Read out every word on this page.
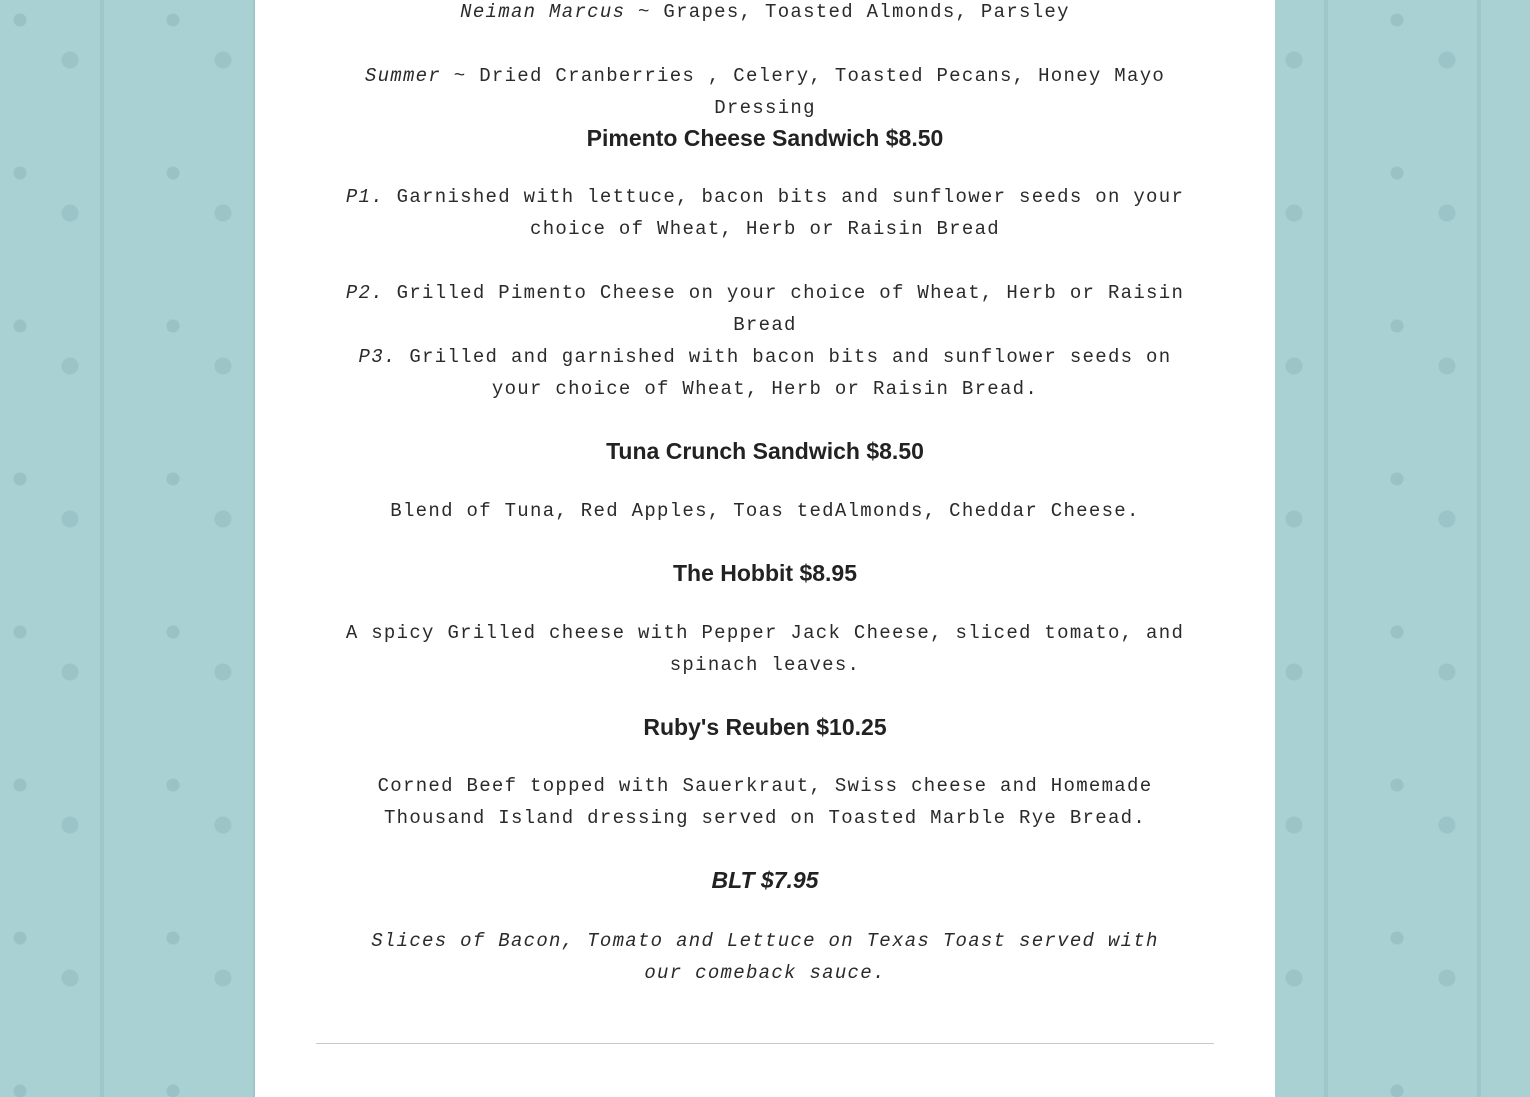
Neiman Marcus ~ Grapes, Toasted Almonds, Parsley

Summer ~ Dried Cranberries , Celery, Toasted Pecans, Honey Mayo Dressing

Pimento Cheese Sandwich $8.50

P1. Garnished with lettuce, bacon bits and sunflower seeds on your choice of Wheat, Herb or Raisin Bread

P2. Grilled Pimento Cheese on your choice of Wheat, Herb or Raisin Bread

P3. Grilled and garnished with bacon bits and sunflower seeds on your choice of Wheat, Herb or Raisin Bread.

Tuna Crunch Sandwich $8.50

Blend of Tuna, Red Apples, Toas tedAlmonds, Cheddar Cheese.

The Hobbit $8.95

A spicy Grilled cheese with Pepper Jack Cheese, sliced tomato, and spinach leaves.

Ruby's Reuben $10.25

Corned Beef topped with Sauerkraut, Swiss cheese and Homemade Thousand Island dressing served on Toasted Marble Rye Bread.

BLT $7.95

Slices of Bacon, Tomato and Lettuce on Texas Toast served with our comeback sauce.
